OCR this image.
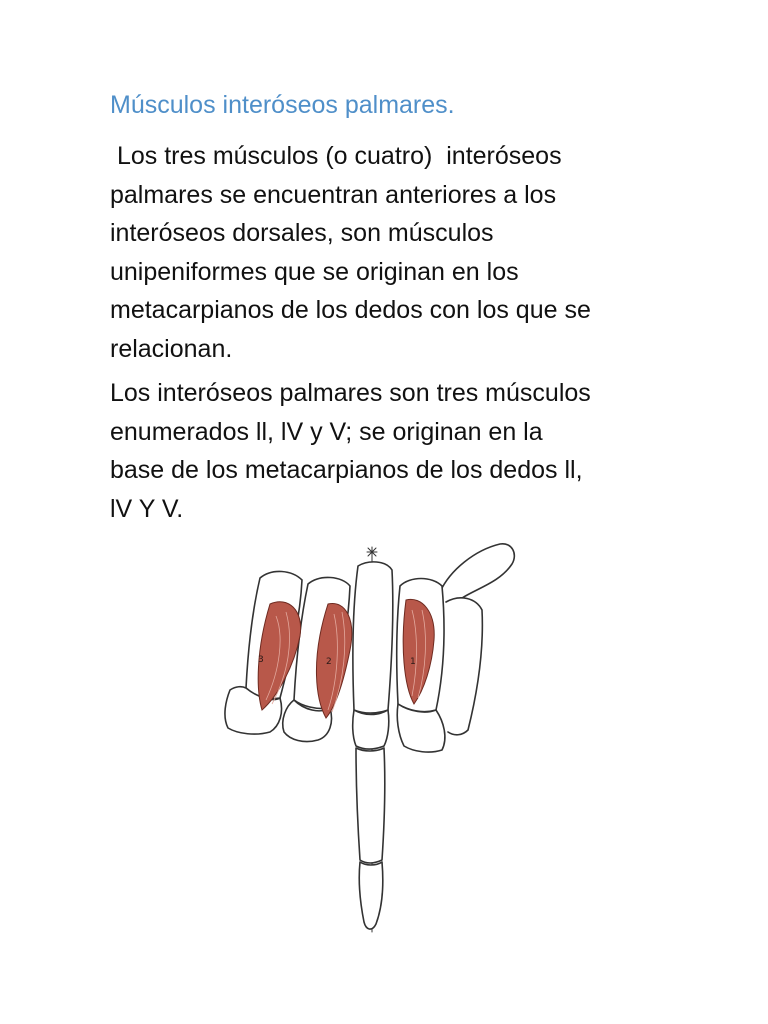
Músculos interóseos palmares.

Los tres músculos (o cuatro)  interóseos
palmares se encuentran anteriores a los
interóseos dorsales, son músculos
unipeniformes que se originan en los
metacarpianos de los dedos con los que se
relacionan.

Los interóseos palmares son tres músculos
enumerados ll, lV y V; se originan en la
base de los metacarpianos de los dedos ll,
lV Y V.

3	2	1
